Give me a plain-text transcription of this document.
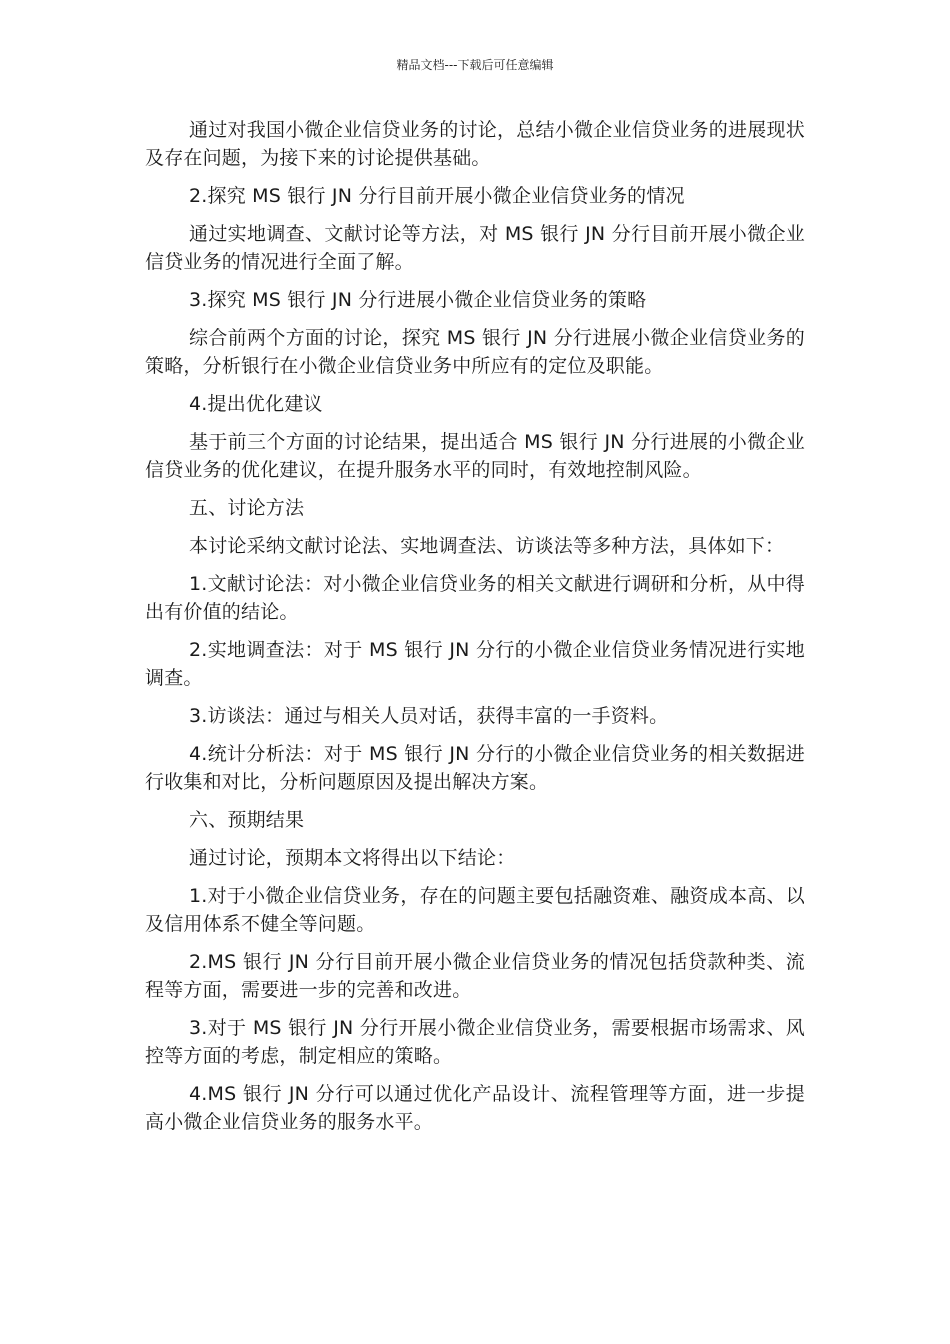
精品文档---下载后可任意编辑

通过对我国小微企业信贷业务的讨论，总结小微企业信贷业务的进展现状及存在问题，为接下来的讨论提供基础。

2.探究 MS 银行 JN 分行目前开展小微企业信贷业务的情况

通过实地调查、文献讨论等方法，对 MS 银行 JN 分行目前开展小微企业信贷业务的情况进行全面了解。

3.探究 MS 银行 JN 分行进展小微企业信贷业务的策略

综合前两个方面的讨论，探究 MS 银行 JN 分行进展小微企业信贷业务的策略，分析银行在小微企业信贷业务中所应有的定位及职能。

4.提出优化建议

基于前三个方面的讨论结果，提出适合 MS 银行 JN 分行进展的小微企业信贷业务的优化建议，在提升服务水平的同时，有效地控制风险。

五、讨论方法

本讨论采纳文献讨论法、实地调查法、访谈法等多种方法，具体如下：

1.文献讨论法：对小微企业信贷业务的相关文献进行调研和分析，从中得出有价值的结论。

2.实地调查法：对于 MS 银行 JN 分行的小微企业信贷业务情况进行实地调查。

3.访谈法：通过与相关人员对话，获得丰富的一手资料。

4.统计分析法：对于 MS 银行 JN 分行的小微企业信贷业务的相关数据进行收集和对比，分析问题原因及提出解决方案。

六、预期结果

通过讨论，预期本文将得出以下结论：

1.对于小微企业信贷业务，存在的问题主要包括融资难、融资成本高、以及信用体系不健全等问题。

2.MS 银行 JN 分行目前开展小微企业信贷业务的情况包括贷款种类、流程等方面，需要进一步的完善和改进。

3.对于 MS 银行 JN 分行开展小微企业信贷业务，需要根据市场需求、风控等方面的考虑，制定相应的策略。

4.MS 银行 JN 分行可以通过优化产品设计、流程管理等方面，进一步提高小微企业信贷业务的服务水平。
